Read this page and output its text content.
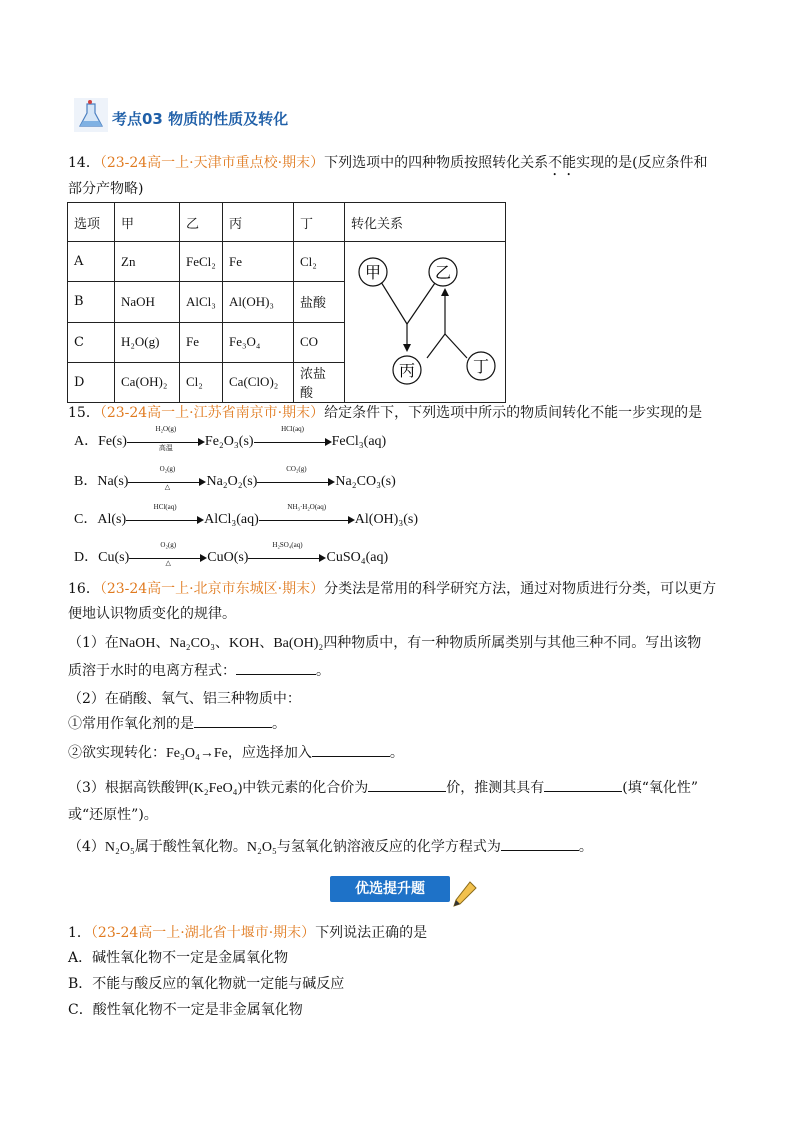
考点03 物质的性质及转化
14．（23-24高一上·天津市重点校·期末）下列选项中的四种物质按照转化关系不能实现的是(反应条件和
部分产物略)
选项	甲	乙	丙	丁	转化关系
A	Zn	FeCl₂	Fe	Cl₂	甲 乙
丙 丁

B	NaOH	AlCl₃	Al(OH)₃	盐酸	
C	H₂O(g)	Fe	Fe₃O₄	CO	
D	Ca(OH)₂	Cl₂	Ca(ClO)₂	浓盐酸	
15．（23-24高一上·江苏省南京市·期末）给定条件下，下列选项中所示的物质间转化不能一步实现的是
A．Fe(s)
H₂O(g)
高温	Fe₂O₃(s)
HCl(aq)
FeCl₃(aq)
B．Na(s)
O₂(g)
△	Na₂O₂(s)
CO₂(g)
Na₂CO₃(s)
C．Al(s)
HCl(aq)
AlCl₃(aq)
NH₃·H₂O(aq)
Al(OH)₃(s)
D．Cu(s)
O₂(g)
△	CuO(s)
H₂SO₄(aq)
CuSO₄(aq)
16．（23-24高一上·北京市东城区·期末）分类法是常用的科学研究方法，通过对物质进行分类，可以更方
便地认识物质变化的规律。
（1）在NaOH、Na₂CO₃、KOH、Ba(OH)₂四种物质中，有一种物质所属类别与其他三种不同。写出该物
质溶于水时的电离方程式：	。
（2）在硝酸、氧气、铝三种物质中：
①常用作氧化剂的是	。
②欲实现转化：Fe₃O₄→Fe，应选择加入	。
（3）根据高铁酸钾(K₂FeO₄)中铁元素的化合价为	价，推测其具有	(填“氧化性”
或“还原性”)。
（4）N₂O₅属于酸性氧化物。N₂O₅与氢氧化钠溶液反应的化学方程式为	。
优选提升题
1．（23-24高一上·湖北省十堰市·期末）下列说法正确的是
A．碱性氧化物不一定是金属氧化物
B．不能与酸反应的氧化物就一定能与碱反应
C．酸性氧化物不一定是非金属氧化物
